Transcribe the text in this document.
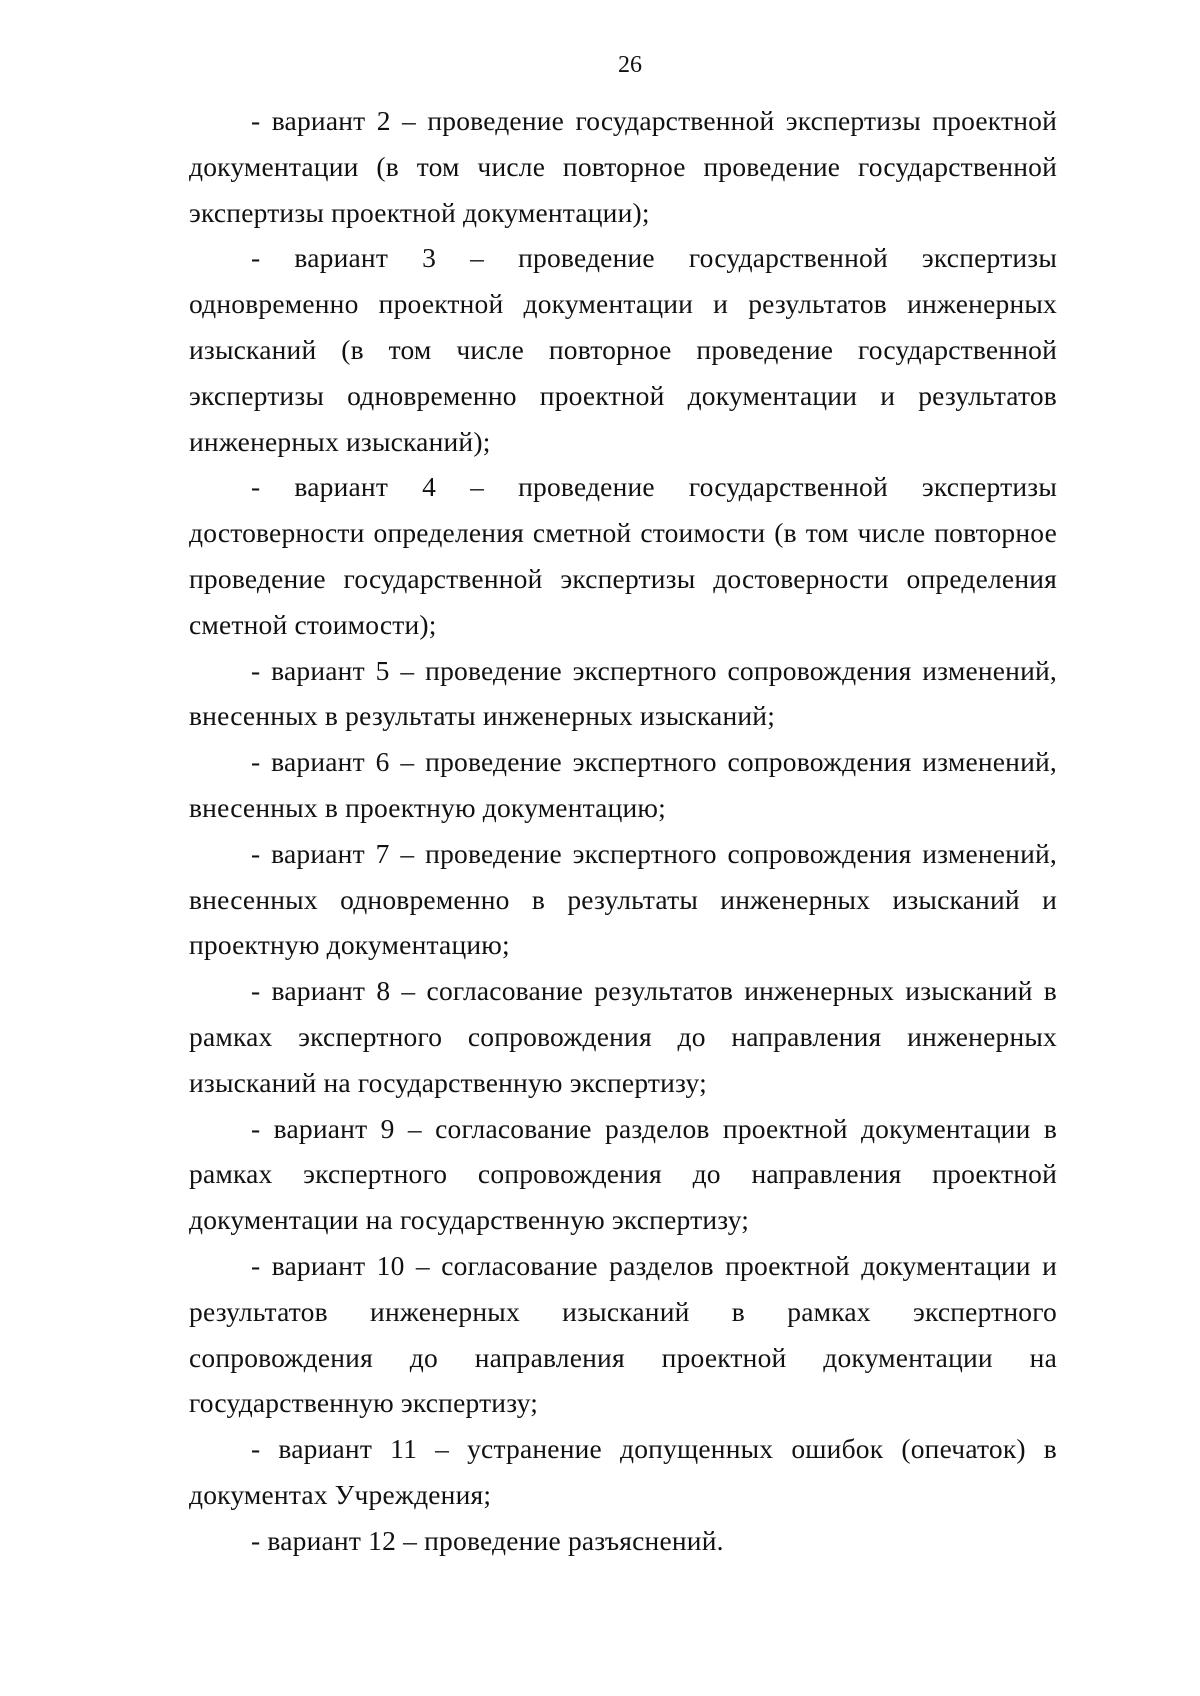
26

- вариант 2 – проведение государственной экспертизы проектной документации (в том числе повторное проведение государственной экспертизы проектной документации);

- вариант 3 – проведение государственной экспертизы одновременно проектной документации и результатов инженерных изысканий (в том числе повторное проведение государственной экспертизы одновременно проектной документации и результатов инженерных изысканий);

- вариант 4 – проведение государственной экспертизы достоверности определения сметной стоимости (в том числе повторное проведение государственной экспертизы достоверности определения сметной стоимости);

- вариант 5 – проведение экспертного сопровождения изменений, внесенных в результаты инженерных изысканий;

- вариант 6 – проведение экспертного сопровождения изменений, внесенных в проектную документацию;

- вариант 7 – проведение экспертного сопровождения изменений, внесенных одновременно в результаты инженерных изысканий и проектную документацию;

- вариант 8 – согласование результатов инженерных изысканий в рамках экспертного сопровождения до направления инженерных изысканий на государственную экспертизу;

- вариант 9 – согласование разделов проектной документации в рамках экспертного сопровождения до направления проектной документации на государственную экспертизу;

- вариант 10 – согласование разделов проектной документации и результатов инженерных изысканий в рамках экспертного сопровождения до направления проектной документации на государственную экспертизу;

- вариант 11 – устранение допущенных ошибок (опечаток) в документах Учреждения;

- вариант 12 – проведение разъяснений.
